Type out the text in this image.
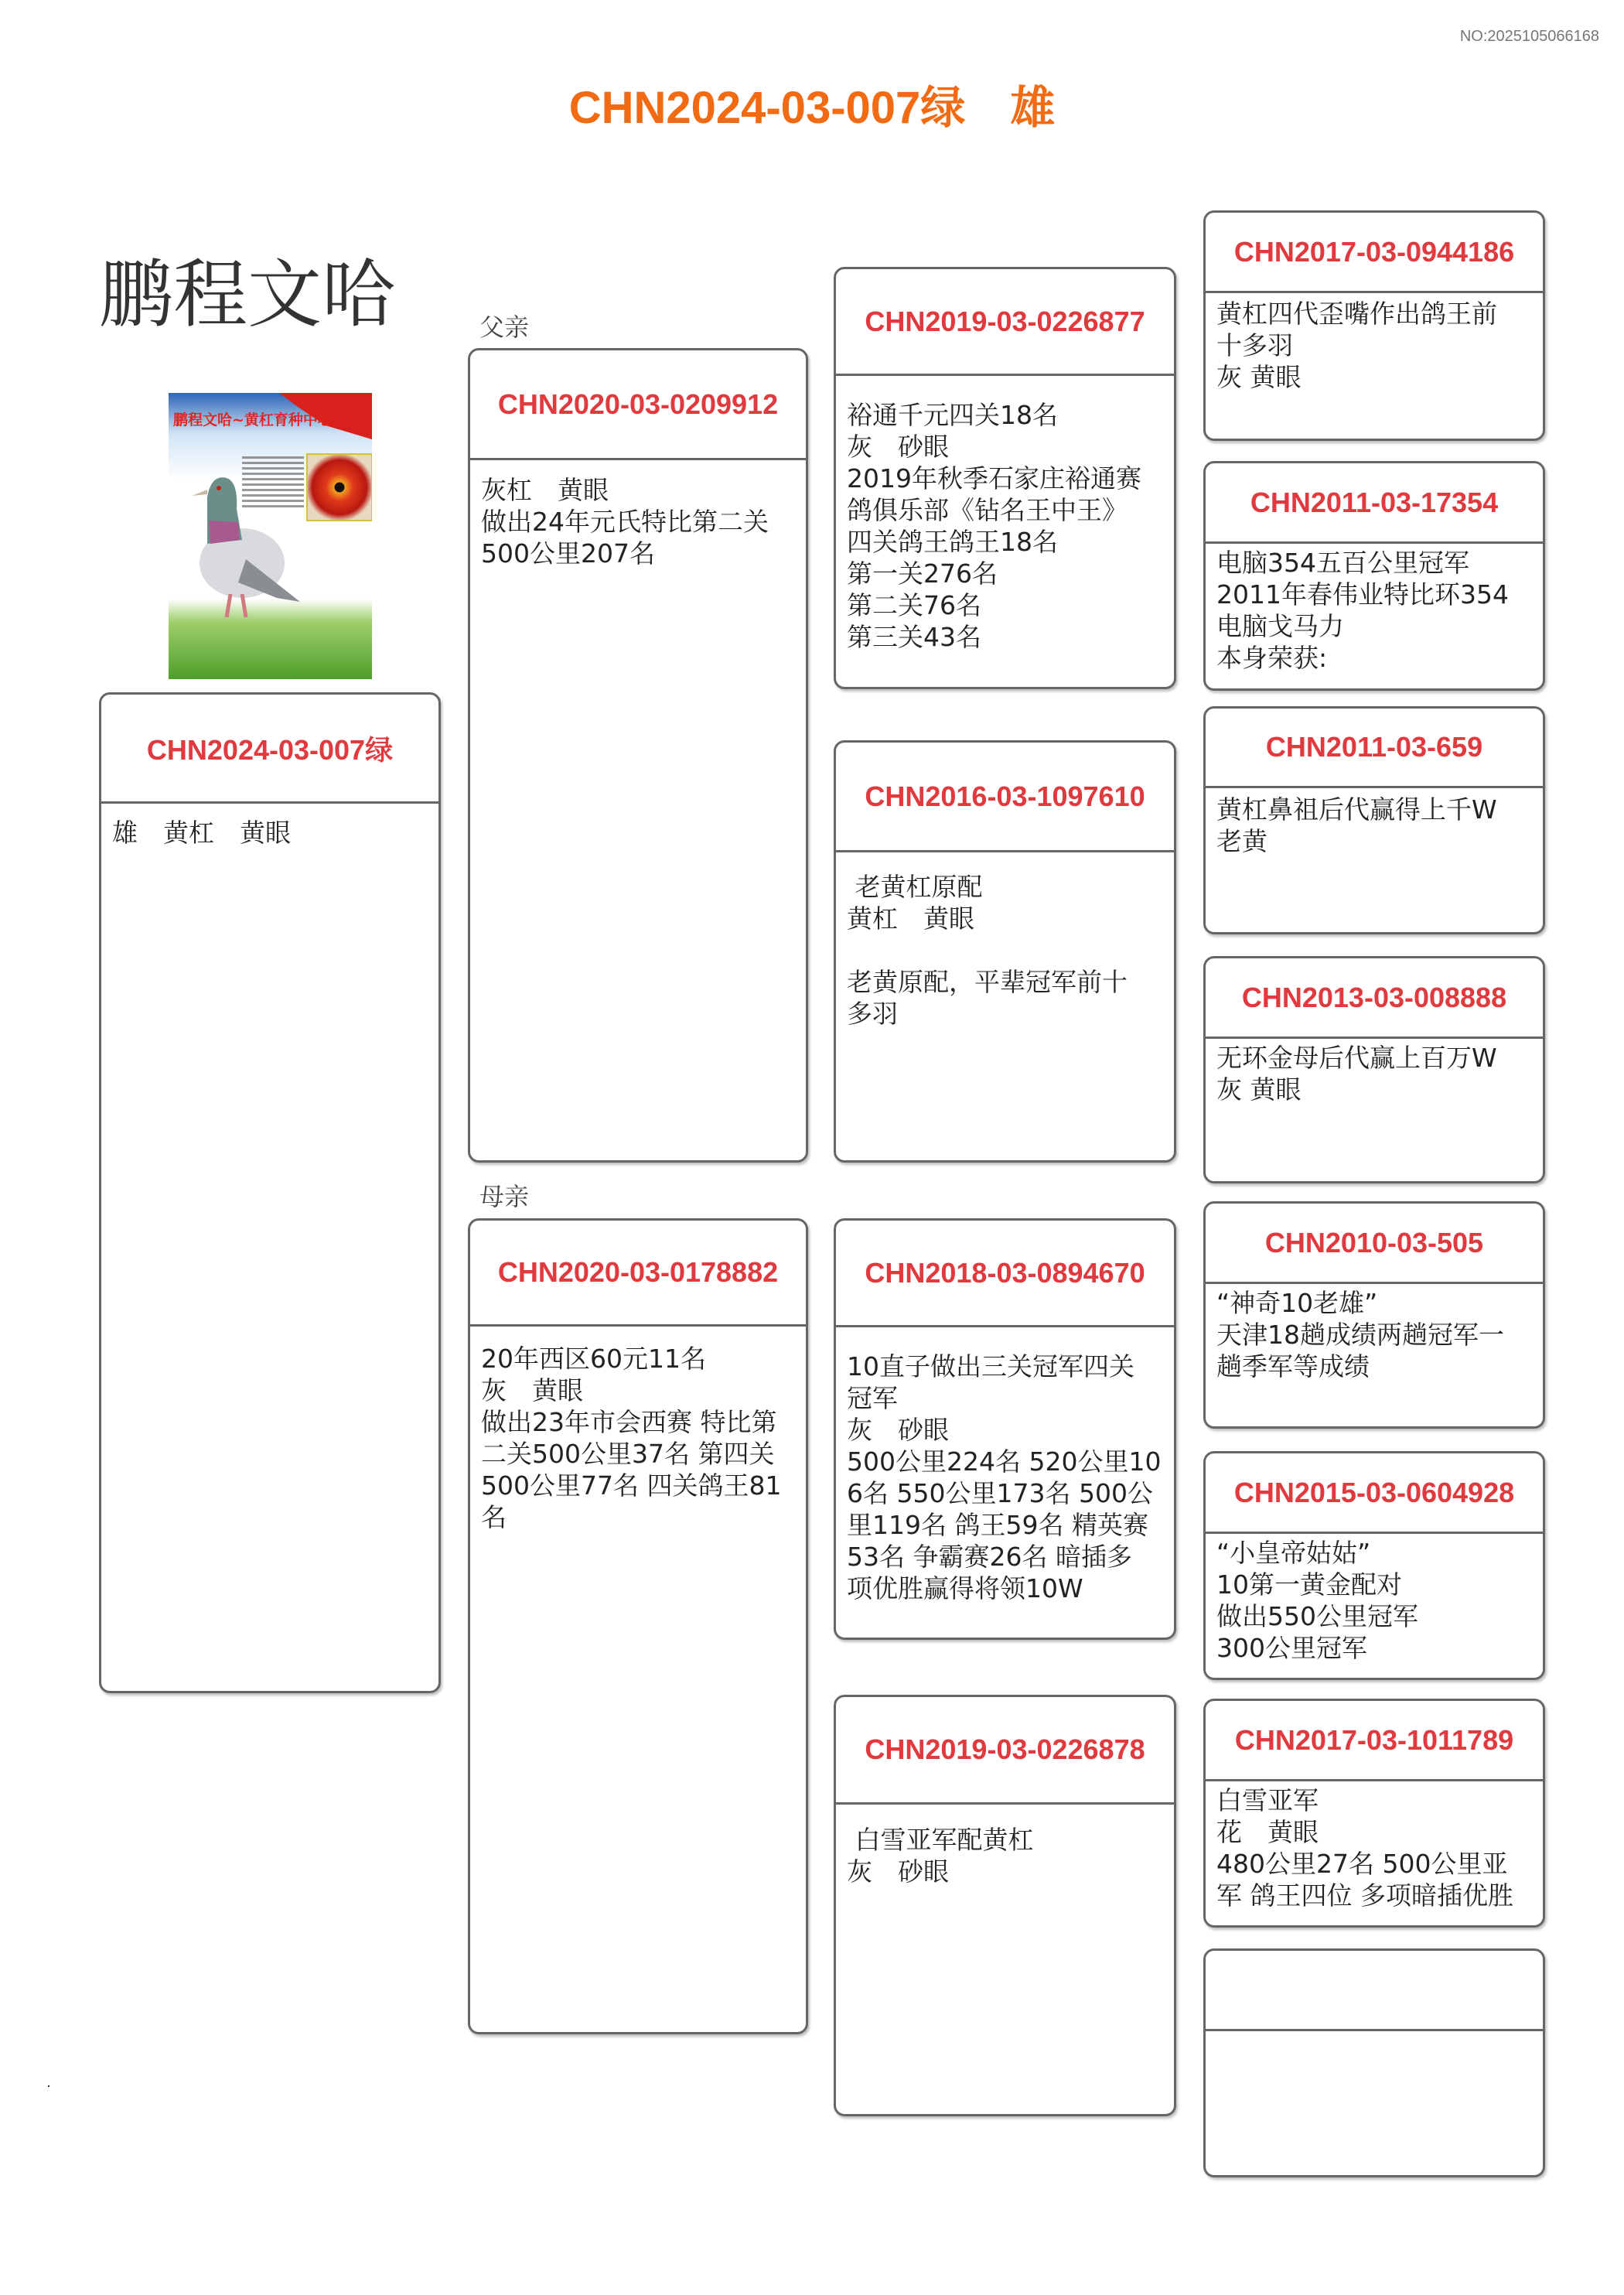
NO:2025105066168
CHN2024-03-007绿　雄
鹏程文哈
鹏程文哈~黄杠育种中心
父亲
母亲
CHN2024-03-007绿
雄　黄杠　黄眼
CHN2020-03-0209912
灰杠　黄眼
做出24年元氏特比第二关
500公里207名
CHN2020-03-0178882
20年西区60元11名
灰　黄眼
做出23年市会西赛 特比第
二关500公里37名 第四关
500公里77名 四关鸽王81
名
CHN2019-03-0226877
裕通千元四关18名
灰　砂眼
2019年秋季石家庄裕通赛
鸽俱乐部《钻名王中王》
四关鸽王鸽王18名
第一关276名
第二关76名
第三关43名
CHN2016-03-1097610
老黄杠原配
黄杠　黄眼

老黄原配，平辈冠军前十
多羽
CHN2018-03-0894670
10直子做出三关冠军四关
冠军
灰　砂眼
500公里224名 520公里10
6名 550公里173名 500公
里119名 鸽王59名 精英赛
53名 争霸赛26名 暗插多
项优胜赢得将领10W
CHN2019-03-0226878
白雪亚军配黄杠
灰　砂眼
CHN2017-03-0944186
黄杠四代歪嘴作出鸽王前
十多羽
灰 黄眼
CHN2011-03-17354
电脑354五百公里冠军
2011年春伟业特比环354
电脑戈马力
本身荣获:
CHN2011-03-659
黄杠鼻祖后代赢得上千W
老黄
CHN2013-03-008888
无环金母后代赢上百万W
灰 黄眼
CHN2010-03-505
“神奇10老雄”
天津18趟成绩两趟冠军一
趟季军等成绩
CHN2015-03-0604928
“小皇帝姑姑”
10第一黄金配对
做出550公里冠军
300公里冠军
CHN2017-03-1011789
白雪亚军
花　黄眼
480公里27名 500公里亚
军 鸽王四位 多项暗插优胜
